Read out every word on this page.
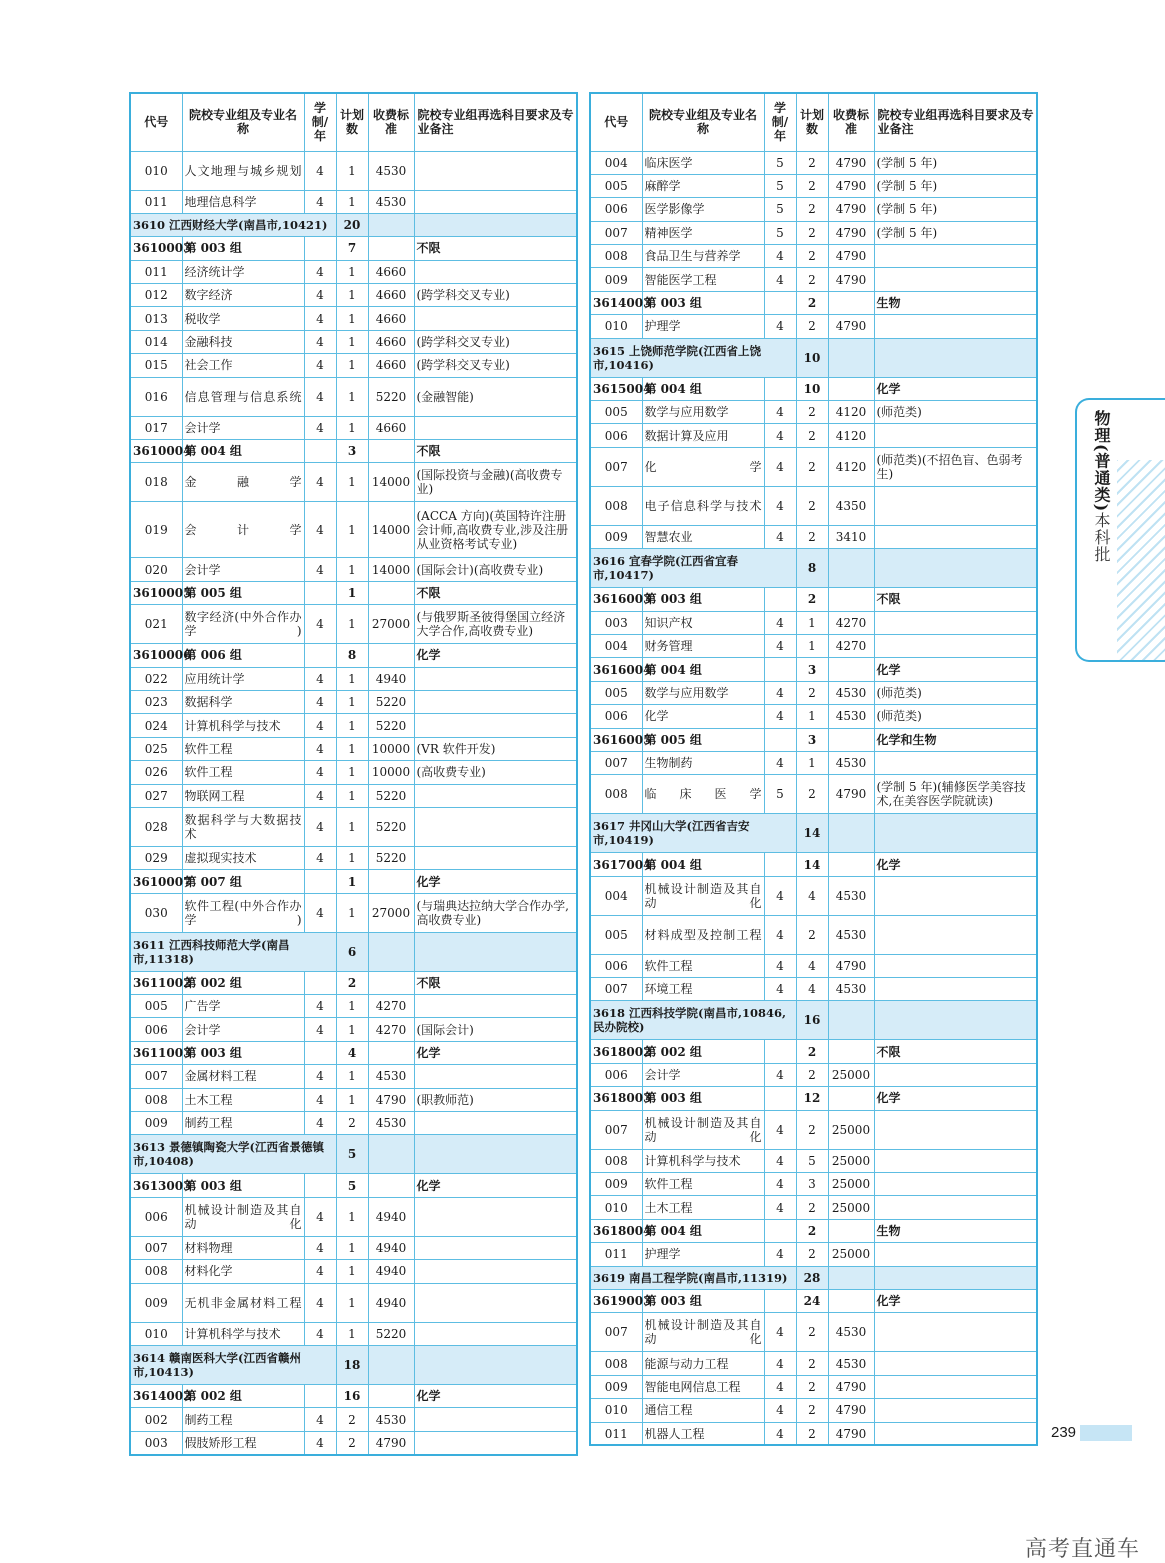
代号	院校专业组及专业名称	学制/年	计划数	收费标准	院校专业组再选科目要求及专业备注
010	人文地理与城乡规划	4	1	4530	
011	地理信息科学	4	1	4530	
3610 江西财经大学(南昌市,10421)			20		
3610003	第 003 组		7		不限
011	经济统计学	4	1	4660	
012	数字经济	4	1	4660	(跨学科交叉专业)
013	税收学	4	1	4660	
014	金融科技	4	1	4660	(跨学科交叉专业)
015	社会工作	4	1	4660	(跨学科交叉专业)
016	信息管理与信息系统	4	1	5220	(金融智能)
017	会计学	4	1	4660	
3610004	第 004 组		3		不限
018	金融学	4	1	14000	(国际投资与金融)(高收费专业)
019	会计学	4	1	14000	(ACCA 方向)(英国特许注册会计师,高收费专业,涉及注册从业资格考试专业)
020	会计学	4	1	14000	(国际会计)(高收费专业)
3610005	第 005 组		1		不限
021	数字经济(中外合作办学)	4	1	27000	(与俄罗斯圣彼得堡国立经济大学合作,高收费专业)
3610006	第 006 组		8		化学
022	应用统计学	4	1	4940	
023	数据科学	4	1	5220	
024	计算机科学与技术	4	1	5220	
025	软件工程	4	1	10000	(VR 软件开发)
026	软件工程	4	1	10000	(高收费专业)
027	物联网工程	4	1	5220	
028	数据科学与大数据技术	4	1	5220	
029	虚拟现实技术	4	1	5220	
3610007	第 007 组		1		化学
030	软件工程(中外合作办学)	4	1	27000	(与瑞典达拉纳大学合作办学,高收费专业)
3611 江西科技师范大学(南昌市,11318)			6		
3611002	第 002 组		2		不限
005	广告学	4	1	4270	
006	会计学	4	1	4270	(国际会计)
3611003	第 003 组		4		化学
007	金属材料工程	4	1	4530	
008	土木工程	4	1	4790	(职教师范)
009	制药工程	4	2	4530	
3613 景德镇陶瓷大学(江西省景德镇市,10408)			5		
3613003	第 003 组		5		化学
006	机械设计制造及其自动化	4	1	4940	
007	材料物理	4	1	4940	
008	材料化学	4	1	4940	
009	无机非金属材料工程	4	1	4940	
010	计算机科学与技术	4	1	5220	
3614 赣南医科大学(江西省赣州市,10413)			18		
3614002	第 002 组		16		化学
002	制药工程	4	2	4530	
003	假肢矫形工程	4	2	4790	
代号	院校专业组及专业名称	学制/年	计划数	收费标准	院校专业组再选科目要求及专业备注
004	临床医学	5	2	4790	(学制 5 年)
005	麻醉学	5	2	4790	(学制 5 年)
006	医学影像学	5	2	4790	(学制 5 年)
007	精神医学	5	2	4790	(学制 5 年)
008	食品卫生与营养学	4	2	4790	
009	智能医学工程	4	2	4790	
3614003	第 003 组		2		生物
010	护理学	4	2	4790	
3615 上饶师范学院(江西省上饶市,10416)			10		
3615004	第 004 组		10		化学
005	数学与应用数学	4	2	4120	(师范类)
006	数据计算及应用	4	2	4120	
007	化学	4	2	4120	(师范类)(不招色盲、色弱考生)
008	电子信息科学与技术	4	2	4350	
009	智慧农业	4	2	3410	
3616 宜春学院(江西省宜春市,10417)			8		
3616003	第 003 组		2		不限
003	知识产权	4	1	4270	
004	财务管理	4	1	4270	
3616004	第 004 组		3		化学
005	数学与应用数学	4	2	4530	(师范类)
006	化学	4	1	4530	(师范类)
3616005	第 005 组		3		化学和生物
007	生物制药	4	1	4530	
008	临床医学	5	2	4790	(学制 5 年)(辅修医学美容技术,在美容医学院就读)
3617 井冈山大学(江西省吉安市,10419)			14		
3617004	第 004 组		14		化学
004	机械设计制造及其自动化	4	4	4530	
005	材料成型及控制工程	4	2	4530	
006	软件工程	4	4	4790	
007	环境工程	4	4	4530	
3618 江西科技学院(南昌市,10846,民办院校)			16		
3618002	第 002 组		2		不限
006	会计学	4	2	25000	
3618003	第 003 组		12		化学
007	机械设计制造及其自动化	4	2	25000	
008	计算机科学与技术	4	5	25000	
009	软件工程	4	3	25000	
010	土木工程	4	2	25000	
3618004	第 004 组		2		生物
011	护理学	4	2	25000	
3619 南昌工程学院(南昌市,11319)			28		
3619003	第 003 组		24		化学
007	机械设计制造及其自动化	4	2	4530	
008	能源与动力工程	4	2	4530	
009	智能电网信息工程	4	2	4790	
010	通信工程	4	2	4790	
011	机器人工程	4	2	4790	
物理(普通类)本科批
239
高考直通车
